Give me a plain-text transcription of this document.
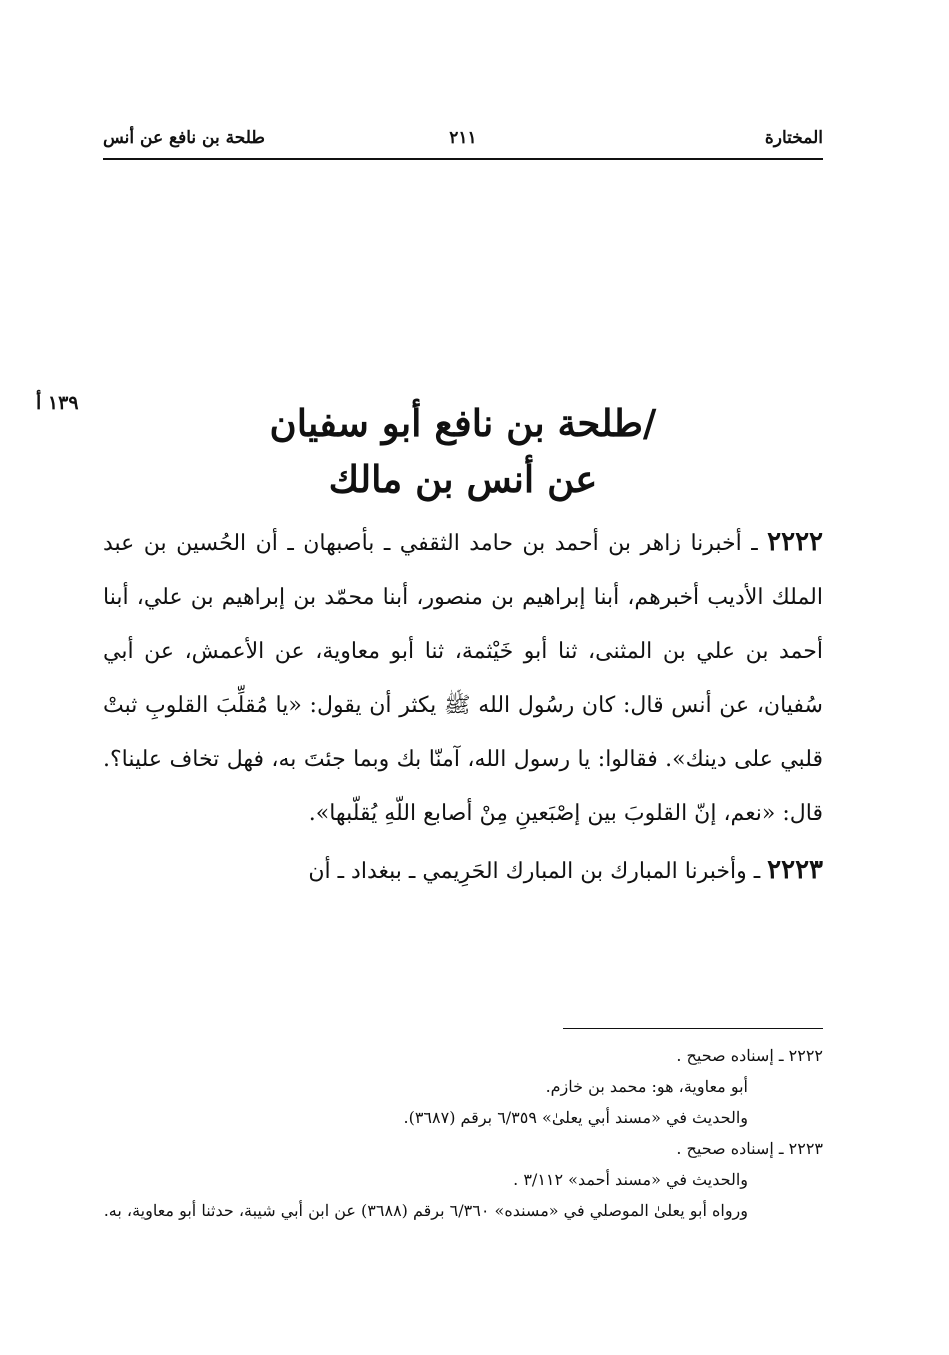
المختارة
٢١١
طلحة بن نافع عن أنس
١٣٩ أ	/طلحة بن نافع أبو سفيان
عن أنس بن مالك

٢٢٢٢ ـ أخبرنا زاهر بن أحمد بن حامد الثقفي ـ بأصبهان ـ أن الحُسين بن عبد الملك الأديب أخبرهم، أبنا إبراهيم بن منصور، أبنا محمّد بن إبراهيم بن علي، أبنا أحمد بن علي بن المثنى، ثنا أبو خَيْثمة، ثنا أبو معاوية، عن الأعمش، عن أبي سُفيان، عن أنس قال: كان رسُول الله ﷺ يكثر أن يقول: «يا مُقلِّبَ القلوبِ ثبتْ قلبي على دينك». فقالوا: يا رسول الله، آمنّا بك وبما جئتَ به، فهل تخاف علينا؟. قال: «نعم، إنّ القلوبَ بين إصْبَعينِ مِنْ أصابع اللّهِ يُقلّبها».

٢٢٢٣ ـ وأخبرنا المبارك بن المبارك الحَرِيمي ـ ببغداد ـ أن

٢٢٢٢ ـ إسناده صحيح .
أبو معاوية، هو: محمد بن خازم.
والحديث في «مسند أبي يعلىٰ» ٦/٣٥٩ برقم (٣٦٨٧).
٢٢٢٣ ـ إسناده صحيح .
والحديث في «مسند أحمد» ٣/١١٢ .
ورواه أبو يعلىٰ الموصلي في «مسنده» ٦/٣٦٠ برقم (٣٦٨٨) عن ابن أبي شيبة، حدثنا أبو معاوية، به.
